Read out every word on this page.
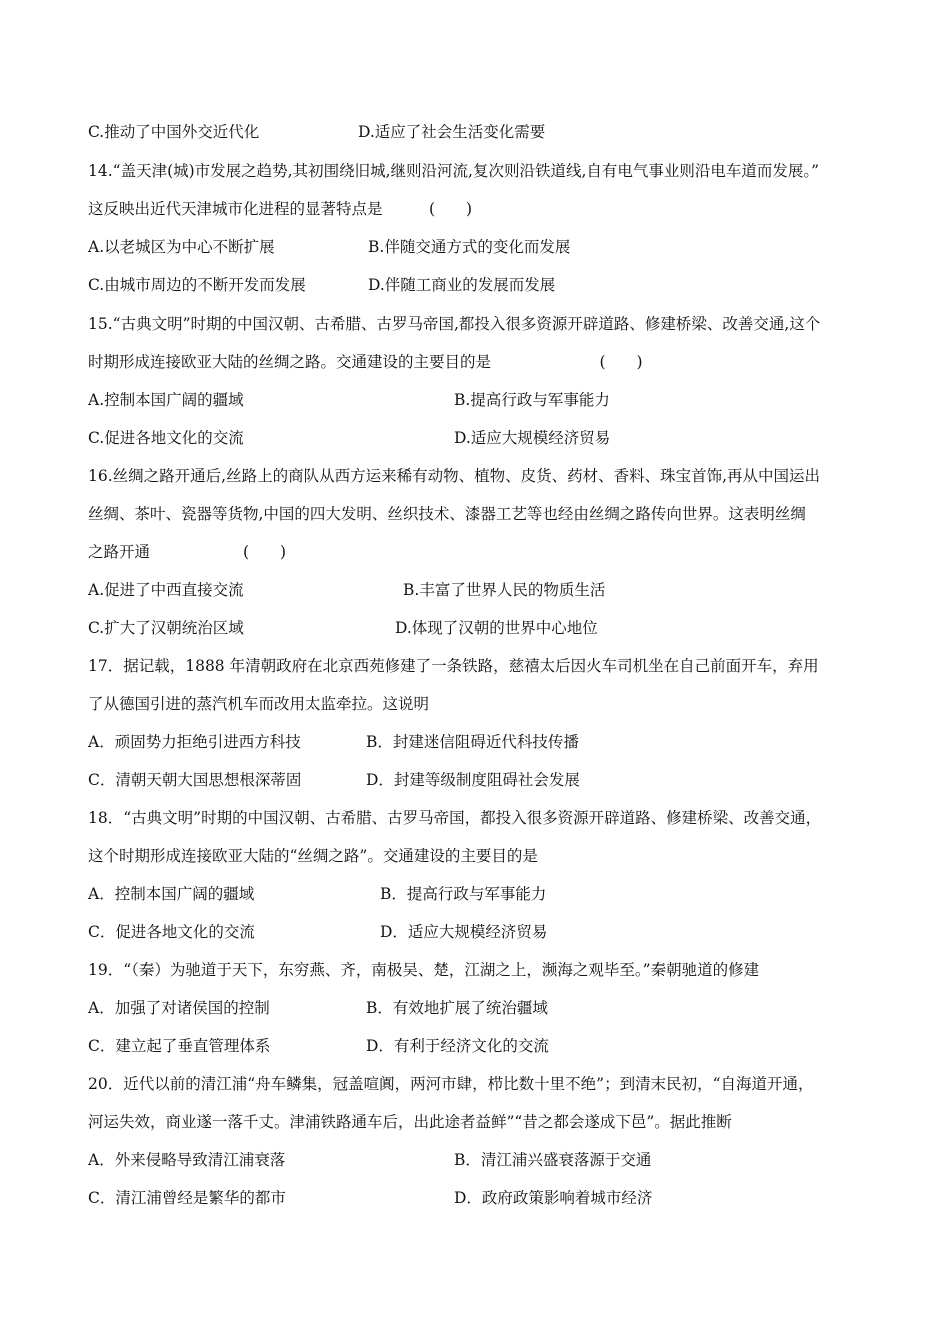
C.推动了中国外交近代化	D.适应了社会生活变化需要
14.“盖天津(城)市发展之趋势,其初围绕旧城,继则沿河流,复次则沿铁道线,自有电气事业则沿电车道而发展。”
这反映出近代天津城市化进程的显著特点是　　　(　　)
A.以老城区为中心不断扩展	B.伴随交通方式的变化而发展
C.由城市周边的不断开发而发展	D.伴随工商业的发展而发展
15.“古典文明”时期的中国汉朝、古希腊、古罗马帝国,都投入很多资源开辟道路、修建桥梁、改善交通,这个
时期形成连接欧亚大陆的丝绸之路。交通建设的主要目的是　　　　　　　(　　)
A.控制本国广阔的疆域	B.提高行政与军事能力
C.促进各地文化的交流	D.适应大规模经济贸易
16.丝绸之路开通后,丝路上的商队从西方运来稀有动物、植物、皮货、药材、香料、珠宝首饰,再从中国运出
丝绸、茶叶、瓷器等货物,中国的四大发明、丝织技术、漆器工艺等也经由丝绸之路传向世界。这表明丝绸
之路开通　　　　　　(　　)
A.促进了中西直接交流	B.丰富了世界人民的物质生活
C.扩大了汉朝统治区域	D.体现了汉朝的世界中心地位
17．据记载，1888 年清朝政府在北京西苑修建了一条铁路，慈禧太后因火车司机坐在自己前面开车，弃用
了从德国引进的蒸汽机车而改用太监牵拉。这说明
A．顽固势力拒绝引进西方科技	B．封建迷信阻碍近代科技传播
C．清朝天朝大国思想根深蒂固	D．封建等级制度阻碍社会发展
18．“古典文明”时期的中国汉朝、古希腊、古罗马帝国，都投入很多资源开辟道路、修建桥梁、改善交通，
这个时期形成连接欧亚大陆的“丝绸之路”。交通建设的主要目的是
A．控制本国广阔的疆域	B．提高行政与军事能力
C．促进各地文化的交流	D．适应大规模经济贸易
19．“（秦）为驰道于天下，东穷燕、齐，南极吴、楚，江湖之上，濒海之观毕至。”秦朝驰道的修建
A．加强了对诸侯国的控制	B．有效地扩展了统治疆域
C．建立起了垂直管理体系	D．有利于经济文化的交流
20．近代以前的清江浦“舟车鳞集，冠盖喧阗，两河市肆，栉比数十里不绝”；到清末民初，“自海道开通，
河运失效，商业遂一落千丈。津浦铁路通车后，出此途者益鲜”“昔之都会遂成下邑”。据此推断
A．外来侵略导致清江浦衰落	B．清江浦兴盛衰落源于交通
C．清江浦曾经是繁华的都市	D．政府政策影响着城市经济
